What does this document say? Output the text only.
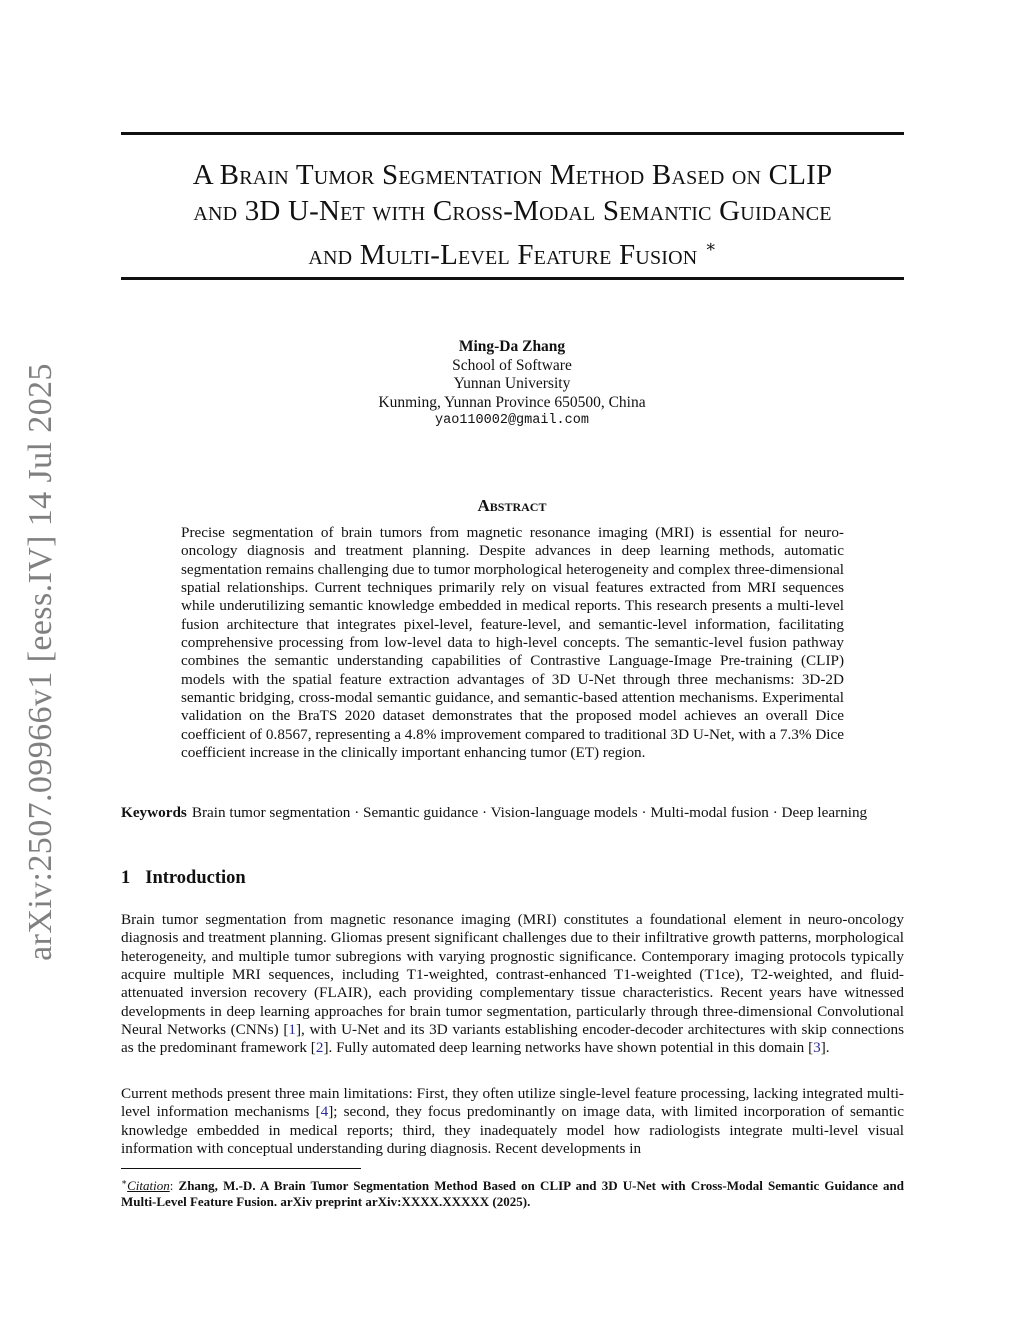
arXiv:2507.09966v1 [eess.IV] 14 Jul 2025
A Brain Tumor Segmentation Method Based on CLIP
and 3D U-Net with Cross-Modal Semantic Guidance
and Multi-Level Feature Fusion ∗
Ming-Da Zhang
School of Software
Yunnan University
Kunming, Yunnan Province 650500, China
yao110002@gmail.com
Abstract

Precise segmentation of brain tumors from magnetic resonance imaging (MRI) is essential for neuro-oncology diagnosis and treatment planning. Despite advances in deep learning methods, automatic segmentation remains challenging due to tumor morphological heterogeneity and complex three-dimensional spatial relationships. Current techniques primarily rely on visual features extracted from MRI sequences while underutilizing semantic knowledge embedded in medical reports. This research presents a multi-level fusion architecture that integrates pixel-level, feature-level, and semantic-level information, facilitating comprehensive processing from low-level data to high-level concepts. The semantic-level fusion pathway combines the semantic understanding capabilities of Contrastive Language-Image Pre-training (CLIP) models with the spatial feature extraction advantages of 3D U-Net through three mechanisms: 3D-2D semantic bridging, cross-modal semantic guidance, and semantic-based attention mechanisms. Experimental validation on the BraTS 2020 dataset demonstrates that the proposed model achieves an overall Dice coefficient of 0.8567, representing a 4.8% improvement compared to traditional 3D U-Net, with a 7.3% Dice coefficient increase in the clinically important enhancing tumor (ET) region.

Keywords Brain tumor segmentation · Semantic guidance · Vision-language models · Multi-modal fusion · Deep learning

1 Introduction

Brain tumor segmentation from magnetic resonance imaging (MRI) constitutes a foundational element in neuro-oncology diagnosis and treatment planning. Gliomas present significant challenges due to their infiltrative growth patterns, morphological heterogeneity, and multiple tumor subregions with varying prognostic significance. Contemporary imaging protocols typically acquire multiple MRI sequences, including T1-weighted, contrast-enhanced T1-weighted (T1ce), T2-weighted, and fluid-attenuated inversion recovery (FLAIR), each providing complementary tissue characteristics. Recent years have witnessed developments in deep learning approaches for brain tumor segmentation, particularly through three-dimensional Convolutional Neural Networks (CNNs) [1], with U-Net and its 3D variants establishing encoder-decoder architectures with skip connections as the predominant framework [2]. Fully automated deep learning networks have shown potential in this domain [3].

Current methods present three main limitations: First, they often utilize single-level feature processing, lacking integrated multi-level information mechanisms [4]; second, they focus predominantly on image data, with limited incorporation of semantic knowledge embedded in medical reports; third, they inadequately model how radiologists integrate multi-level visual information with conceptual understanding during diagnosis. Recent developments in

∗Citation: Zhang, M.-D. A Brain Tumor Segmentation Method Based on CLIP and 3D U-Net with Cross-Modal Semantic Guidance and Multi-Level Feature Fusion. arXiv preprint arXiv:XXXX.XXXXX (2025).
